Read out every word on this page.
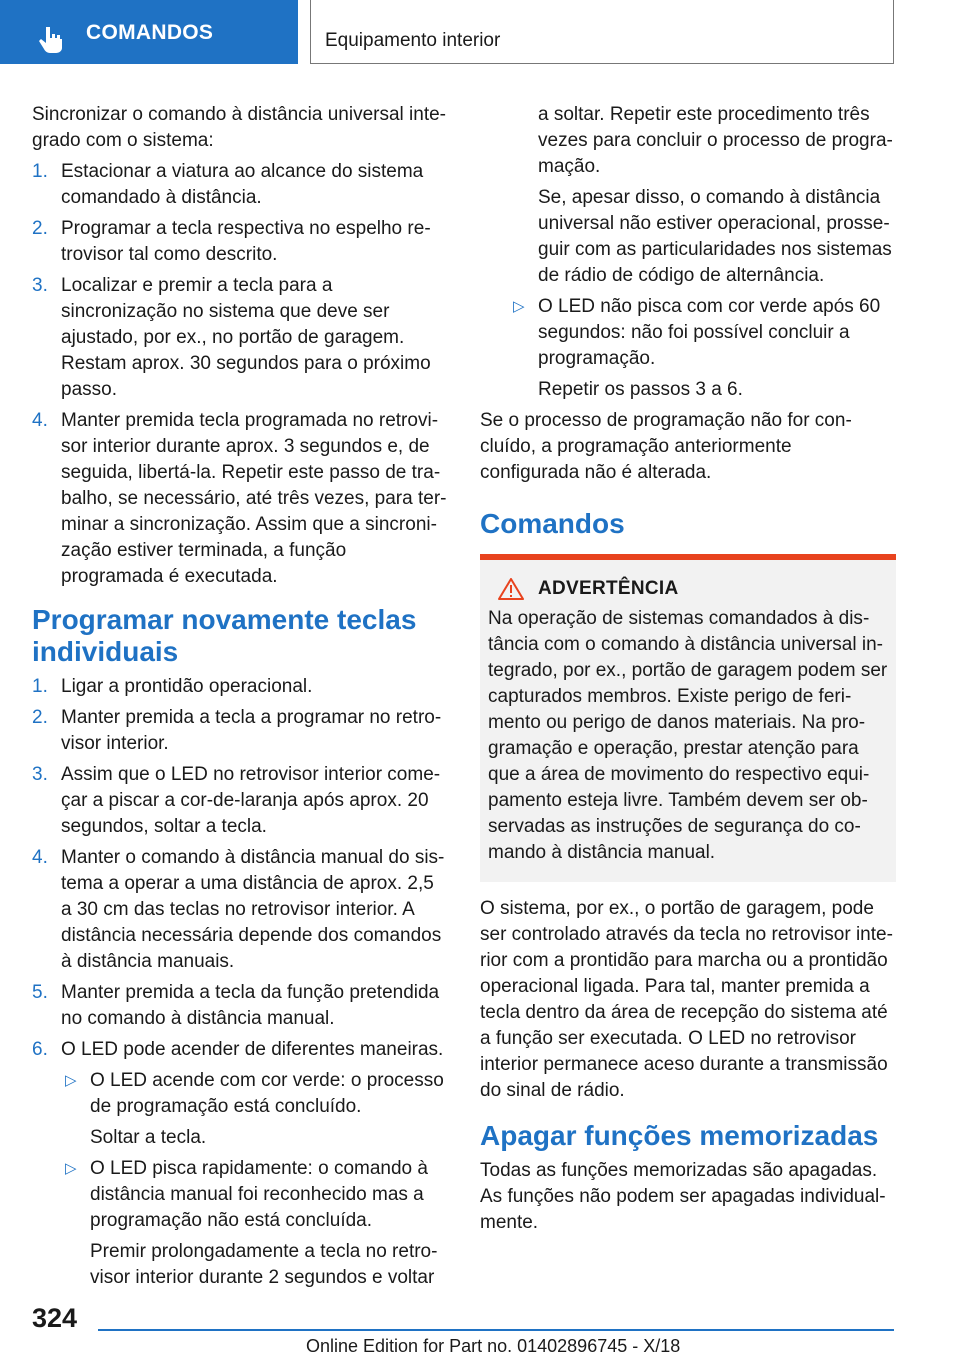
COMANDOS	Equipamento interior

Sincronizar o comando à distância universal integrado com o sistema:

1. Estacionar a viatura ao alcance do sistema comandado à distância.
2. Programar a tecla respectiva no espelho retrovisor tal como descrito.
3. Localizar e premir a tecla para a sincronização no sistema que deve ser ajustado, por ex., no portão de garagem. Restam aprox. 30 segundos para o próximo passo.
4. Manter premida tecla programada no retrovisor interior durante aprox. 3 segundos e, de seguida, libertá-la. Repetir este passo de trabalho, se necessário, até três vezes, para terminar a sincronização. Assim que a sincronização estiver terminada, a função programada é executada.
Programar novamente teclas individuais
1. Ligar a prontidão operacional.
2. Manter premida a tecla a programar no retrovisor interior.
3. Assim que o LED no retrovisor interior começar a piscar a cor-de-laranja após aprox. 20 segundos, soltar a tecla.
4. Manter o comando à distância manual do sistema a operar a uma distância de aprox. 2,5 a 30 cm das teclas no retrovisor interior. A distância necessária depende dos comandos à distância manuais.
5. Manter premida a tecla da função pretendida no comando à distância manual.
6. O LED pode acender de diferentes maneiras.
▷ O LED acende com cor verde: o processo de programação está concluído.

Soltar a tecla.

▷ O LED pisca rapidamente: o comando à distância manual foi reconhecido mas a programação não está concluída.

Premir prolongadamente a tecla no retrovisor interior durante 2 segundos e voltar

a soltar. Repetir este procedimento três vezes para concluir o processo de programação.

Se, apesar disso, o comando à distância universal não estiver operacional, prosseguir com as particularidades nos sistemas de rádio de código de alternância.

▷ O LED não pisca com cor verde após 60 segundos: não foi possível concluir a programação.

Repetir os passos 3 a 6.

Se o processo de programação não for concluído, a programação anteriormente configurada não é alterada.

Comandos
ADVERTÊNCIA

Na operação de sistemas comandados à distância com o comando à distância universal integrado, por ex., portão de garagem podem ser capturados membros. Existe perigo de ferimento ou perigo de danos materiais. Na programação e operação, prestar atenção para que a área de movimento do respectivo equipamento esteja livre. Também devem ser observadas as instruções de segurança do comando à distância manual.

O sistema, por ex., o portão de garagem, pode ser controlado através da tecla no retrovisor interior com a prontidão para marcha ou a prontidão operacional ligada. Para tal, manter premida a tecla dentro da área de recepção do sistema até a função ser executada. O LED no retrovisor interior permanece aceso durante a transmissão do sinal de rádio.

Apagar funções memorizadas

Todas as funções memorizadas são apagadas. As funções não podem ser apagadas individualmente.

324
Online Edition for Part no. 01402896745 - X/18
